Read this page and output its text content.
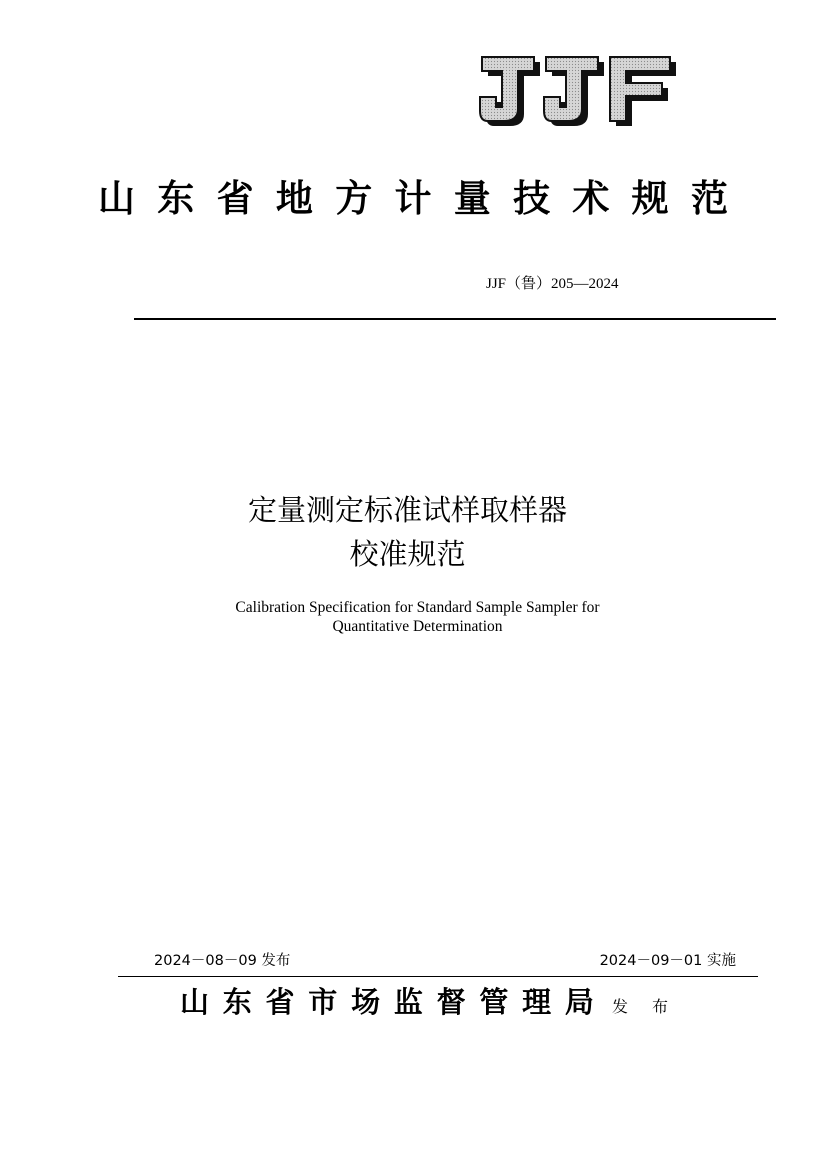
山 东 省 地 方 计 量 技 术 规 范
JJF（鲁）205—2024
定量测定标准试样取样器
校准规范
Calibration Specification for Standard Sample Sampler for
Quantitative Determination
2024－08－09 发布	2024－09－01 实施
山 东 省 市 场 监 督 管 理 局 发 布
